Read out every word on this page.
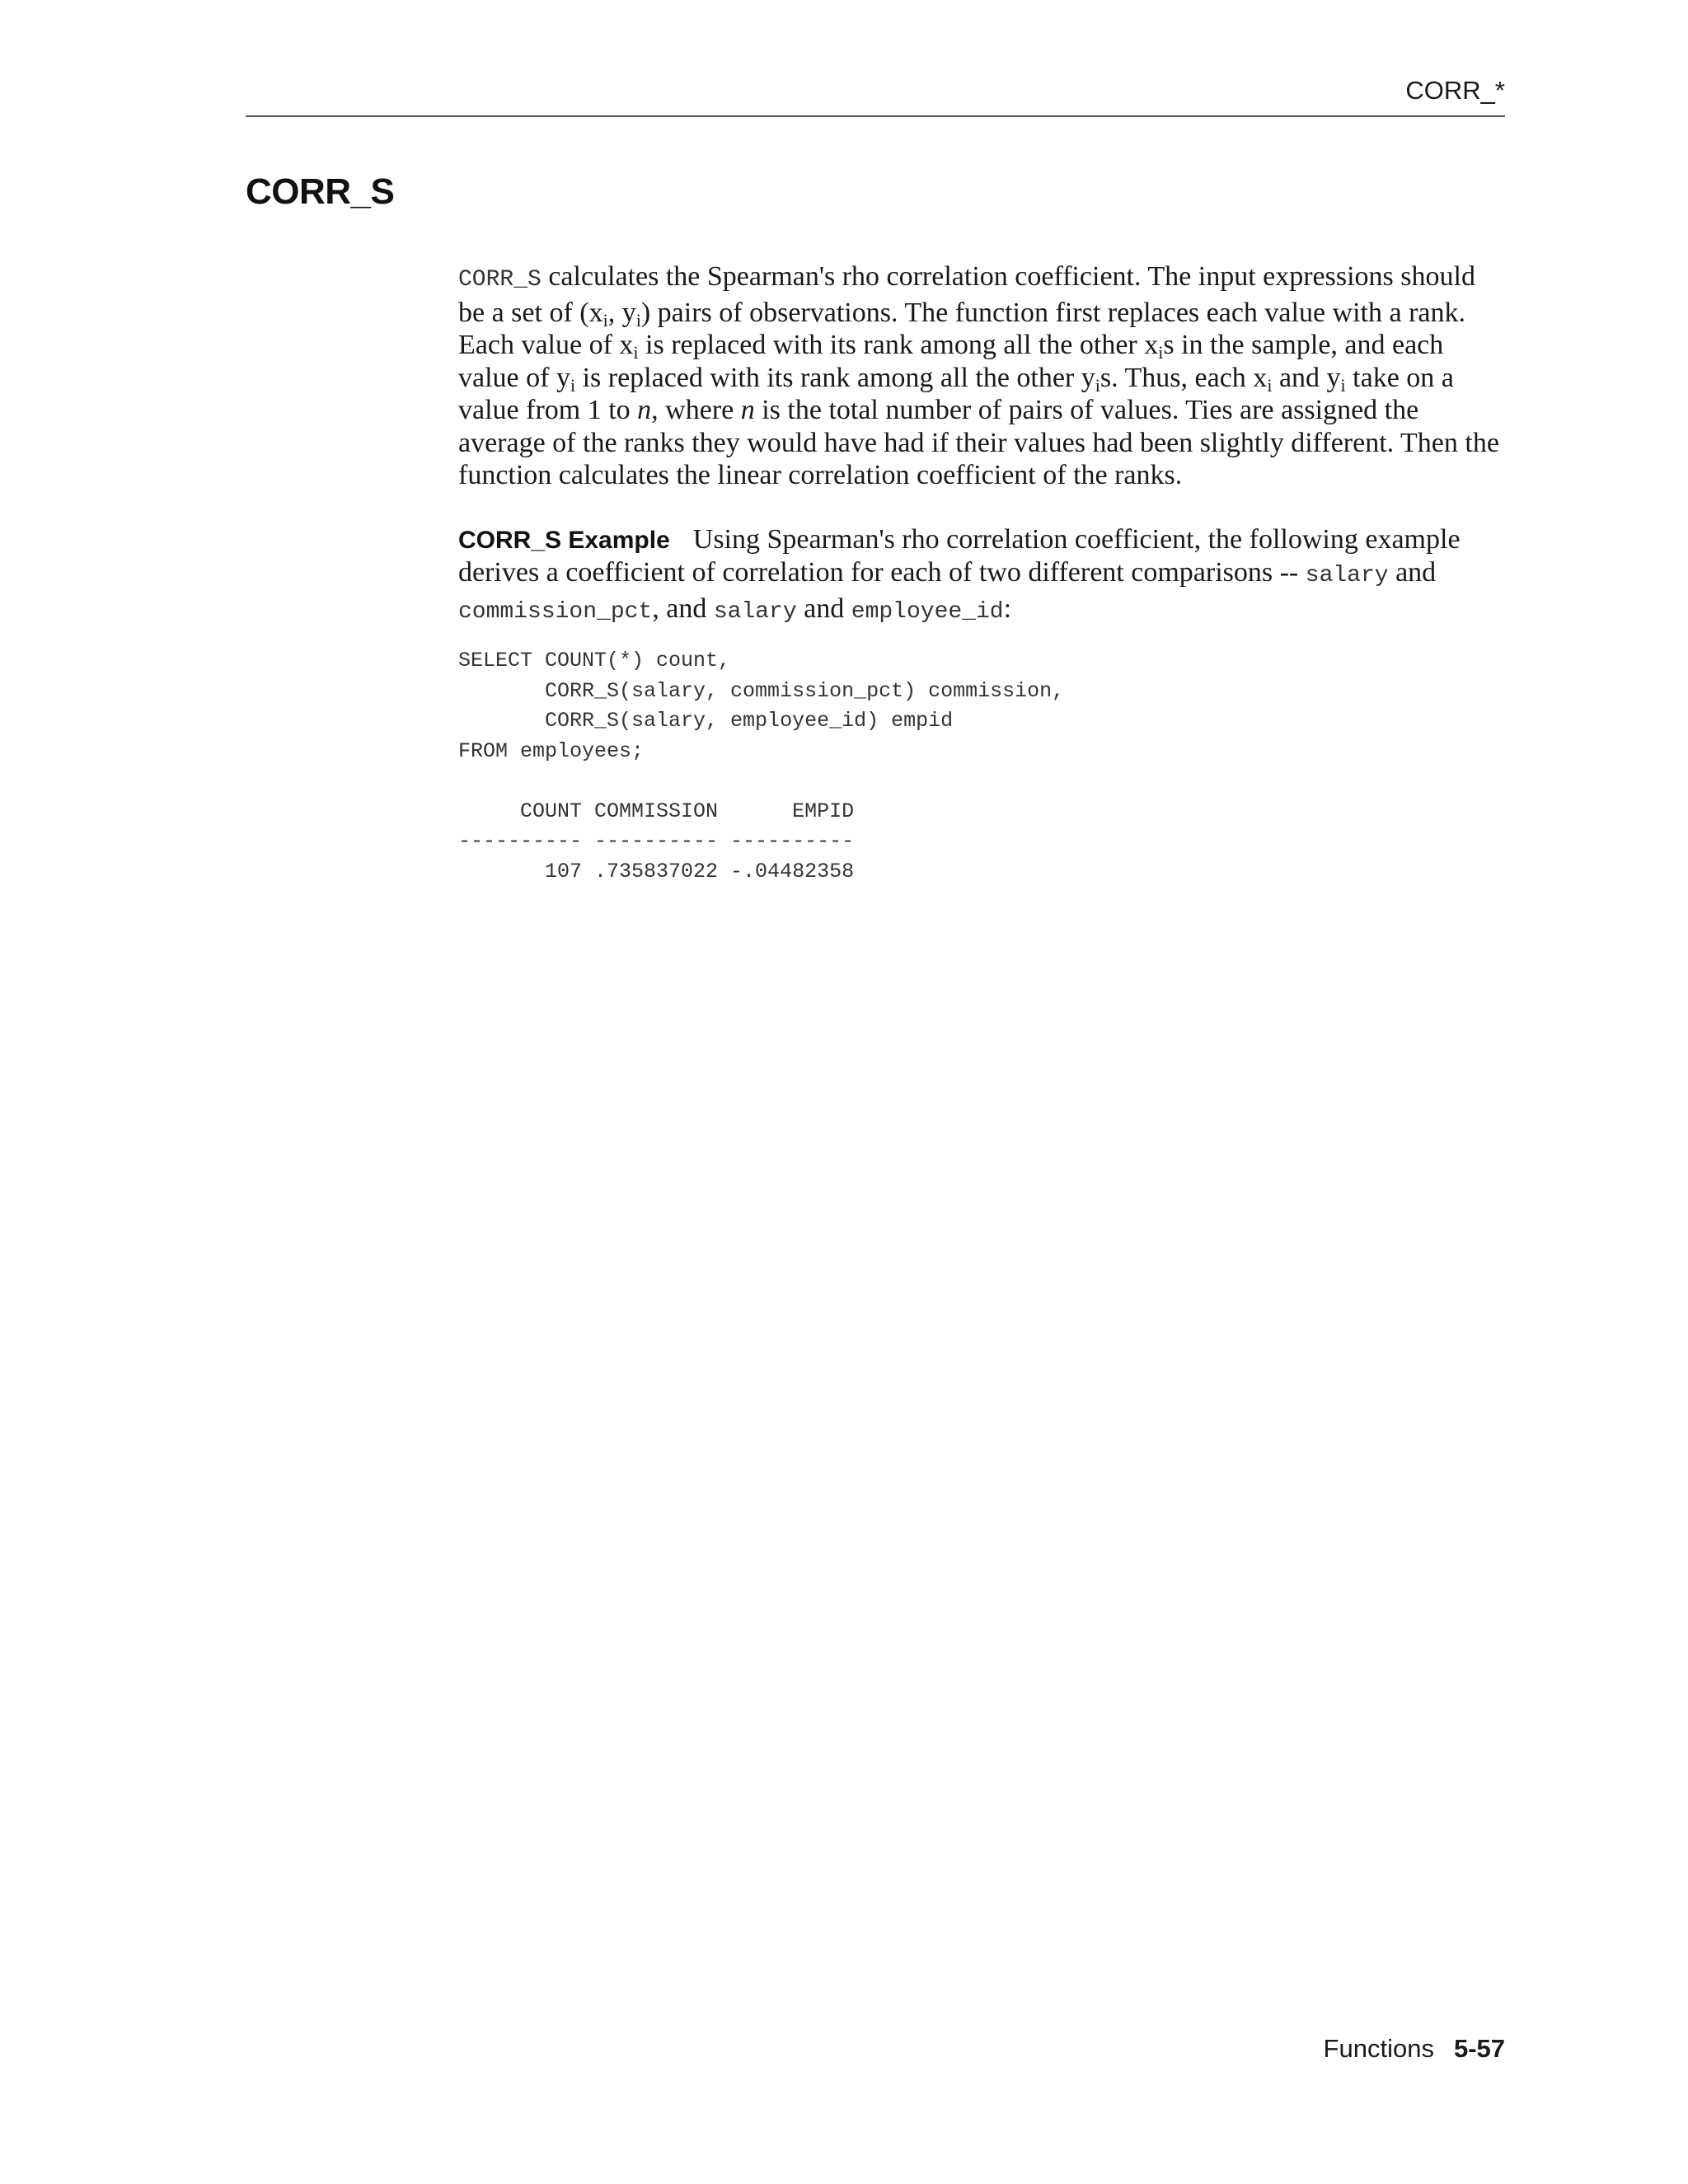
CORR_*
CORR_S

CORR_S calculates the Spearman's rho correlation coefficient. The input expressions should be a set of ($x_i$, $y_i$) pairs of observations. The function first replaces each value with a rank. Each value of $x_i$ is replaced with its rank among all the other $x_is$ in the sample, and each value of $y_i$ is replaced with its rank among all the other $y_is$. Thus, each $x_i$ and $y_i$ take on a value from 1 to n, where n is the total number of pairs of values. Ties are assigned the average of the ranks they would have had if their values had been slightly different. Then the function calculates the linear correlation coefficient of the ranks.

CORR_S Example Using Spearman's rho correlation coefficient, the following example derives a coefficient of correlation for each of two different comparisons -- salary and commission_pct, and salary and employee_id:

SELECT COUNT(*) count,
CORR_S(salary, commission_pct) commission,
CORR_S(salary, employee_id) empid
FROM employees;
COUNT COMMISSION      EMPID
---------- ---------- ----------
107 .735837022 -.04482358
Functions 5-57
